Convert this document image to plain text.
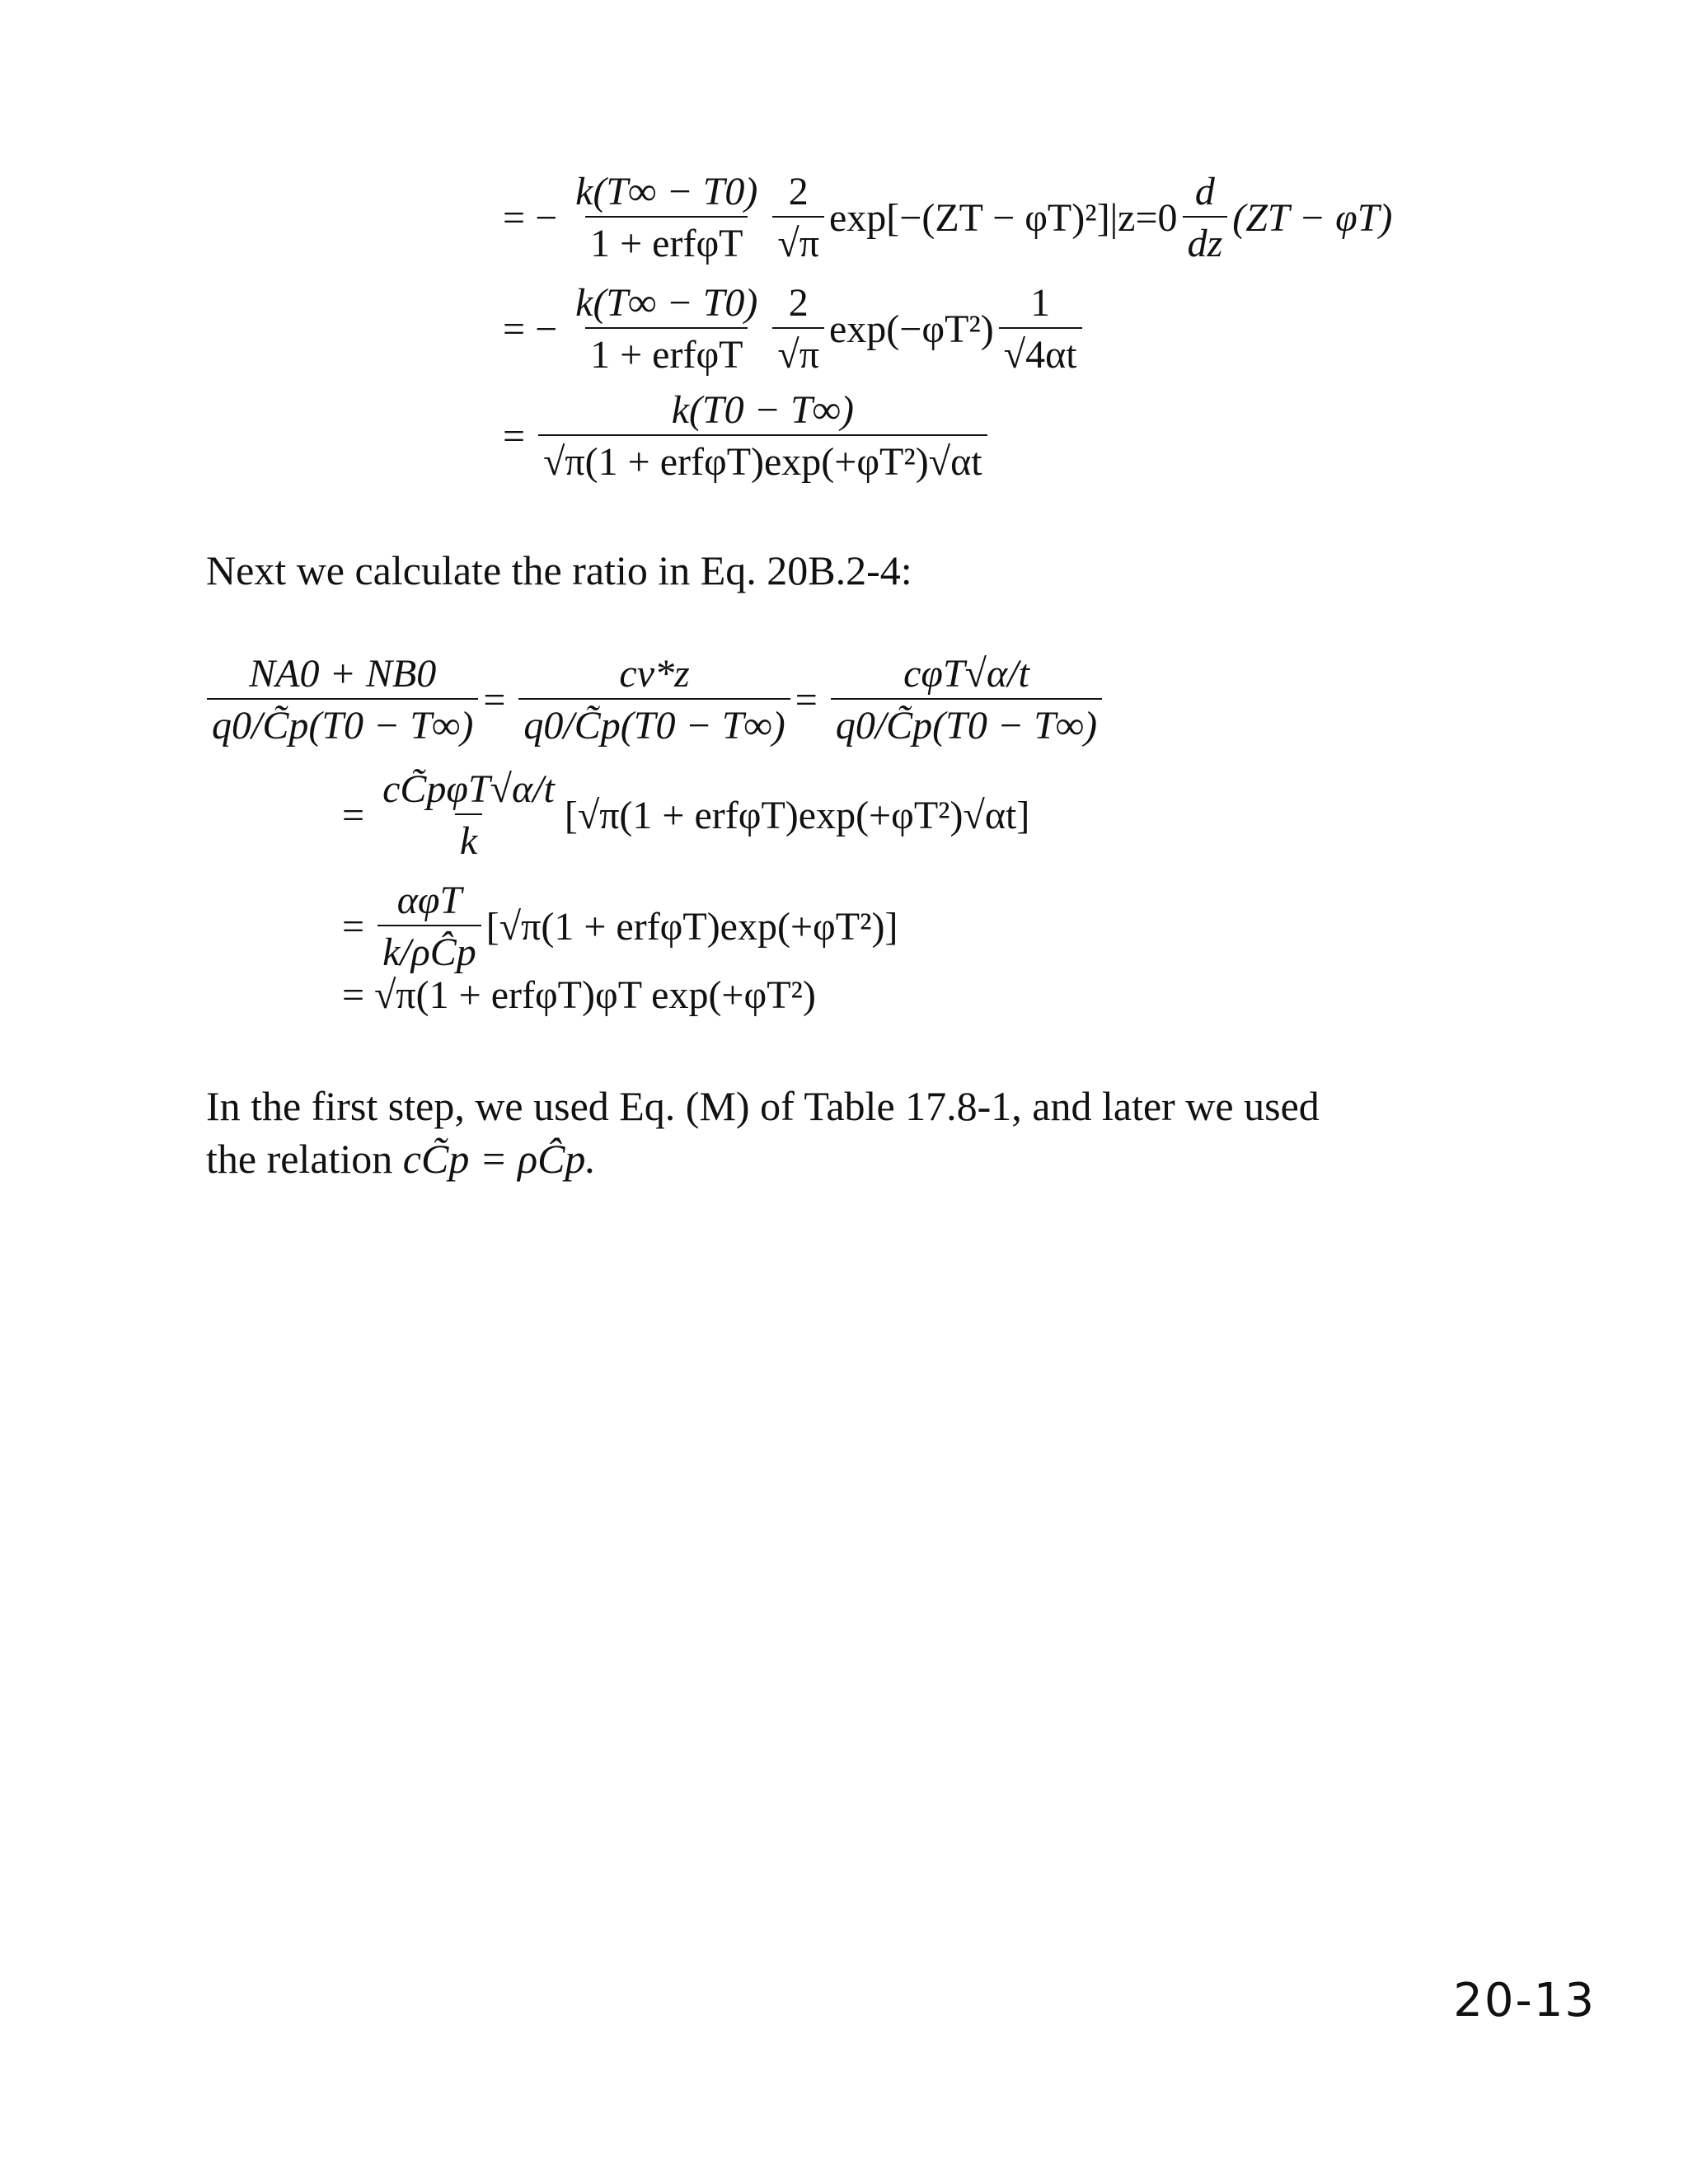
= − $\frac{k(T\infty - T0)}{\text{1 + erfφT}} \frac{2}{√\pi} \exp[-(ZT - \varphi T)^2]|z=0 \frac{d}{dz} (ZT - \varphi T)$
= − $\frac{k(T\infty - T0)}{\text{1 + erfφT}} \frac{2}{√\pi} \exp(-\varphi T^2) \frac{1}{√4\alpha t}$
= $\frac{k(T0 - T\infty)}{\text{√π(1 + erfφT)exp(+φT²)√αt}}$
Next we calculate the ratio in Eq. 20B.2-4:
$\frac{NA0 + NB0}{q0/C̃p(T0 - T\infty)} = \frac{cv*z}{q0/C̃p(T0 - T\infty)} = \frac{\text{cφT√α/t}}{q0/C̃p(T0 - T\infty)}$
= $\frac{\text{cC̃pφT√α/t}}{k} [√\pi(1 + erf\varphi T)\exp(+\varphi T^2)√\alpha t]$
= $\frac{\text{αφT}}{\text{k/ρĈp}} [√\pi(1 + erf\varphi T)\exp(+\varphi T^2)]$
= √π(1 + erfφT)φT exp(+φT²)
In the first step, we used Eq. (M) of Table 17.8-1, and later we used
the relation cC̃p = ρĈp.
20-13
